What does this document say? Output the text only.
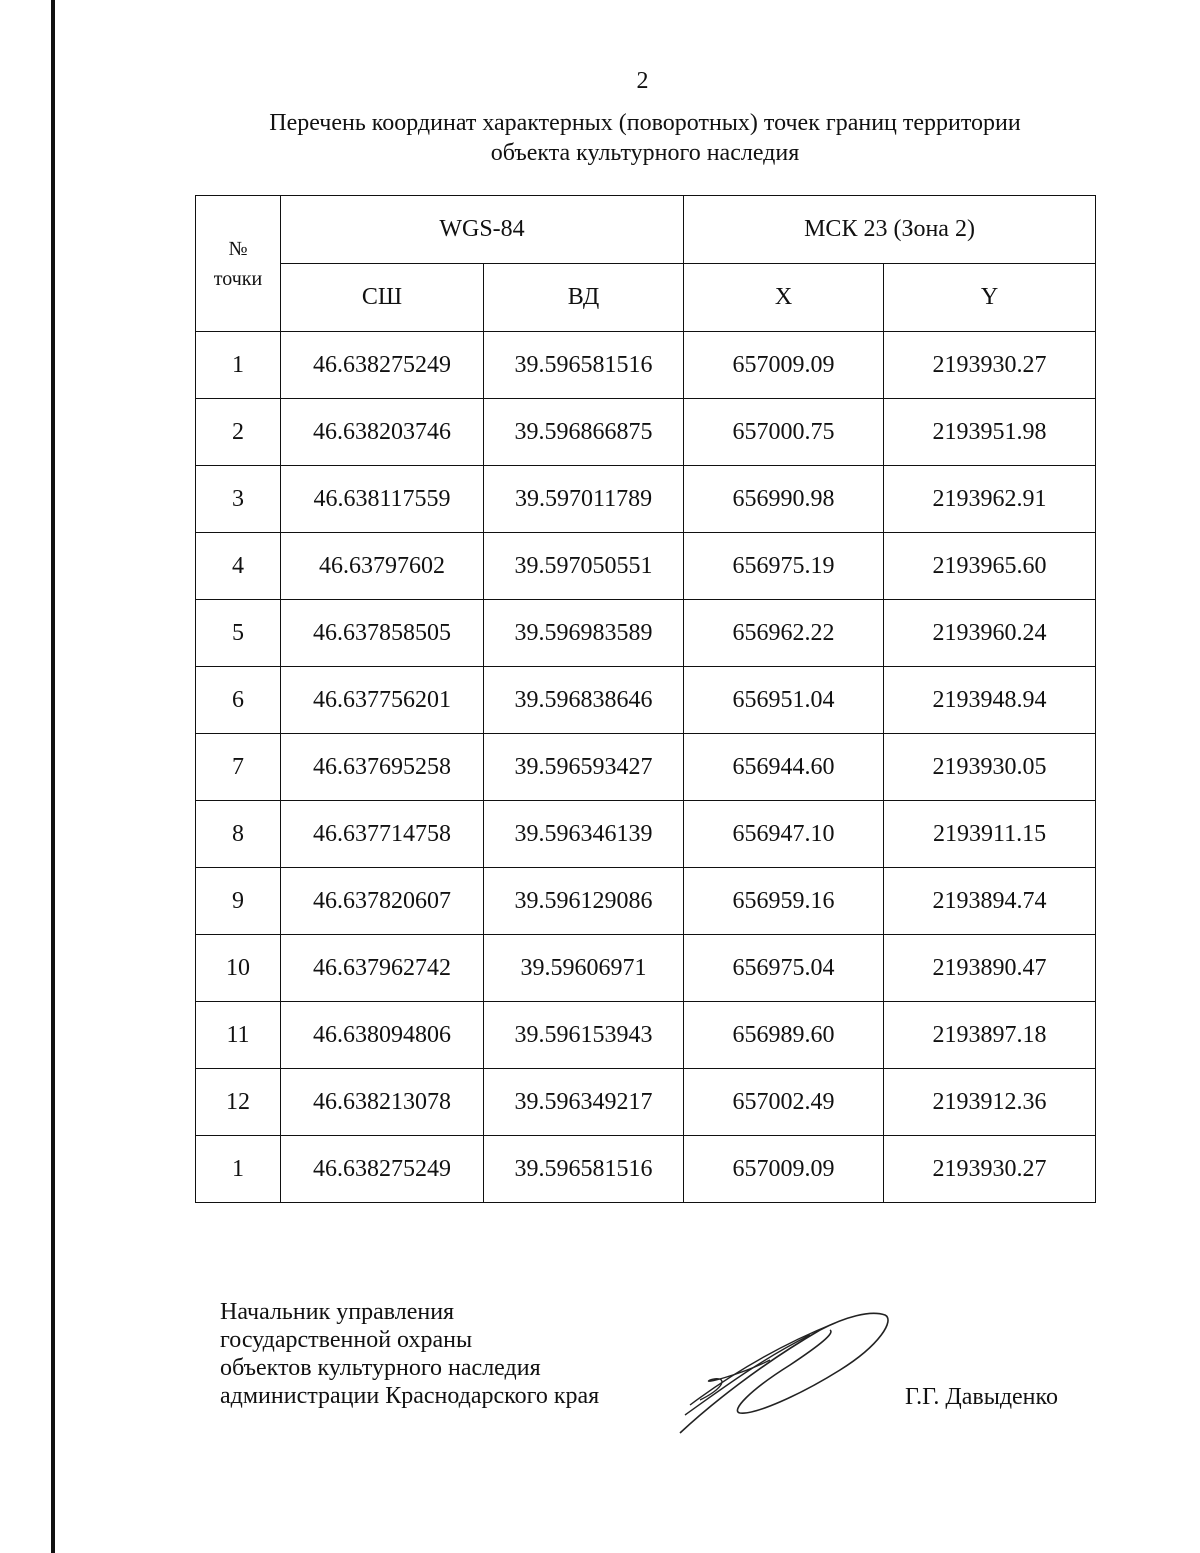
2
Перечень координат характерных (поворотных) точек границ территории
объекта культурного наследия
№
точки	WGS-84		МСК 23 (Зона 2)	
	СШ	ВД	X	Y
1	46.638275249	39.596581516	657009.09	2193930.27
2	46.638203746	39.596866875	657000.75	2193951.98
3	46.638117559	39.597011789	656990.98	2193962.91
4	46.63797602	39.597050551	656975.19	2193965.60
5	46.637858505	39.596983589	656962.22	2193960.24
6	46.637756201	39.596838646	656951.04	2193948.94
7	46.637695258	39.596593427	656944.60	2193930.05
8	46.637714758	39.596346139	656947.10	2193911.15
9	46.637820607	39.596129086	656959.16	2193894.74
10	46.637962742	39.59606971	656975.04	2193890.47
11	46.638094806	39.596153943	656989.60	2193897.18
12	46.638213078	39.596349217	657002.49	2193912.36
1	46.638275249	39.596581516	657009.09	2193930.27
Начальник управления
государственной охраны
объектов культурного наследия
администрации Краснодарского края	Г.Г. Давыденко
